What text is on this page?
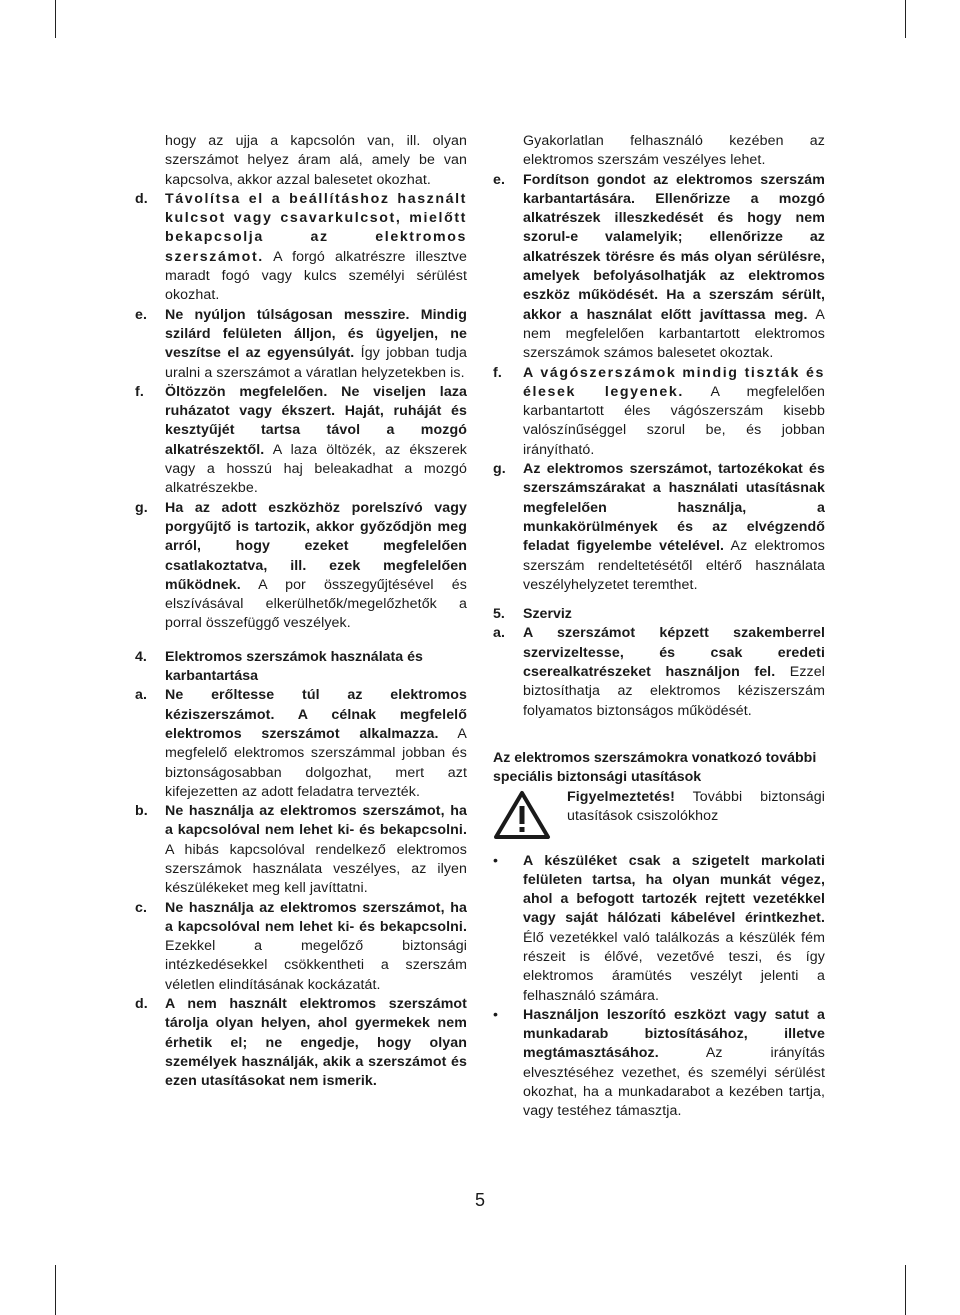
hogy az ujja a kapcsolón van, ill. olyan szerszámot helyez áram alá, amely be van kapcsolva, akkor azzal balesetet okozhat.

d. Távolítsa el a beállításhoz használt kulcsot vagy csavarkulcsot, mielőtt bekapcsolja az elektromos szerszámot. A forgó alkatrészre illesztve maradt fogó vagy kulcs személyi sérülést okozhat.

e. Ne nyúljon túlságosan messzire. Mindig szilárd felületen álljon, és ügyeljen, ne veszítse el az egyensúlyát. Így jobban tudja uralni a szerszámot a váratlan helyzetekben is.

f. Öltözzön megfelelően. Ne viseljen laza ruházatot vagy ékszert. Haját, ruháját és kesztyűjét tartsa távol a mozgó alkatrészektől. A laza öltözék, az ékszerek vagy a hosszú haj beleakadhat a mozgó alkatrészekbe.

g. Ha az adott eszközhöz porelszívó vagy porgyűjtő is tartozik, akkor győződjön meg arról, hogy ezeket megfelelően csatlakoztatva, ill. ezek megfelelően működnek. A por összegyűjtésével és elszívásával elkerülhetők/megelőzhetők a porral összefüggő veszélyek.

4. Elektromos szerszámok használata és karbantartása

a. Ne erőltesse túl az elektromos kéziszerszámot. A célnak megfelelő elektromos szerszámot alkalmazza. A megfelelő elektromos szerszámmal jobban és biztonságosabban dolgozhat, mert azt kifejezetten az adott feladatra tervezték.

b. Ne használja az elektromos szerszámot, ha a kapcsolóval nem lehet ki- és bekapcsolni. A hibás kapcsolóval rendelkező elektromos szerszámok használata veszélyes, az ilyen készülékeket meg kell javíttatni.

c. Ne használja az elektromos szerszámot, ha a kapcsolóval nem lehet ki- és bekapcsolni. Ezekkel a megelőző biztonsági intézkedésekkel csökkentheti a szerszám véletlen elindításának kockázatát.

d. A nem használt elektromos szerszámot tárolja olyan helyen, ahol gyermekek nem érhetik el; ne engedje, hogy olyan személyek használják, akik a szerszámot és ezen utasításokat nem ismerik.

Gyakorlatlan felhasználó kezében az elektromos szerszám veszélyes lehet.

e. Fordítson gondot az elektromos szerszám karbantartására. Ellenőrizze a mozgó alkatrészek illeszkedését és hogy nem szorul-e valamelyik; ellenőrizze az alkatrészek törésre és más olyan sérülésre, amelyek befolyásolhatják az elektromos eszköz működését. Ha a szerszám sérült, akkor a használat előtt javíttassa meg. A nem megfelelően karbantartott elektromos szerszámok számos balesetet okoztak.

f. A vágószerszámok mindig tiszták és élesek legyenek. A megfelelően karbantartott éles vágószerszám kisebb valószínűséggel szorul be, és jobban irányítható.

g. Az elektromos szerszámot, tartozékokat és szerszámszárakat a használati utasításnak megfelelően használja, a munkakörülmények és az elvégzendő feladat figyelembe vételével. Az elektromos szerszám rendeltetésétől eltérő használata veszélyhelyzetet teremthet.

5. Szerviz

a. A szerszámot képzett szakemberrel szervizeltesse, és csak eredeti cserealkatrészeket használjon fel. Ezzel biztosíthatja az elektromos kéziszerszám folyamatos biztonságos működését.

Az elektromos szerszámokra vonatkozó további speciális biztonsági utasítások

Figyelmeztetés! További biztonsági utasítások csiszolókhoz

• A készüléket csak a szigetelt markolati felületen tartsa, ha olyan munkát végez, ahol a befogott tartozék rejtett vezetékkel vagy saját hálózati kábelével érintkezhet. Élő vezetékkel való találkozás a készülék fém részeit is élővé, vezetővé teszi, és így elektromos áramütés veszélyt jelenti a felhasználó számára.

• Használjon leszorító eszközt vagy satut a munkadarab biztosításához, illetve megtámasztásához.	Az irányítás elvesztéséhez vezethet, és személyi sérülést okozhat, ha a munkadarabot a kezében tartja, vagy testéhez támasztja.

5
